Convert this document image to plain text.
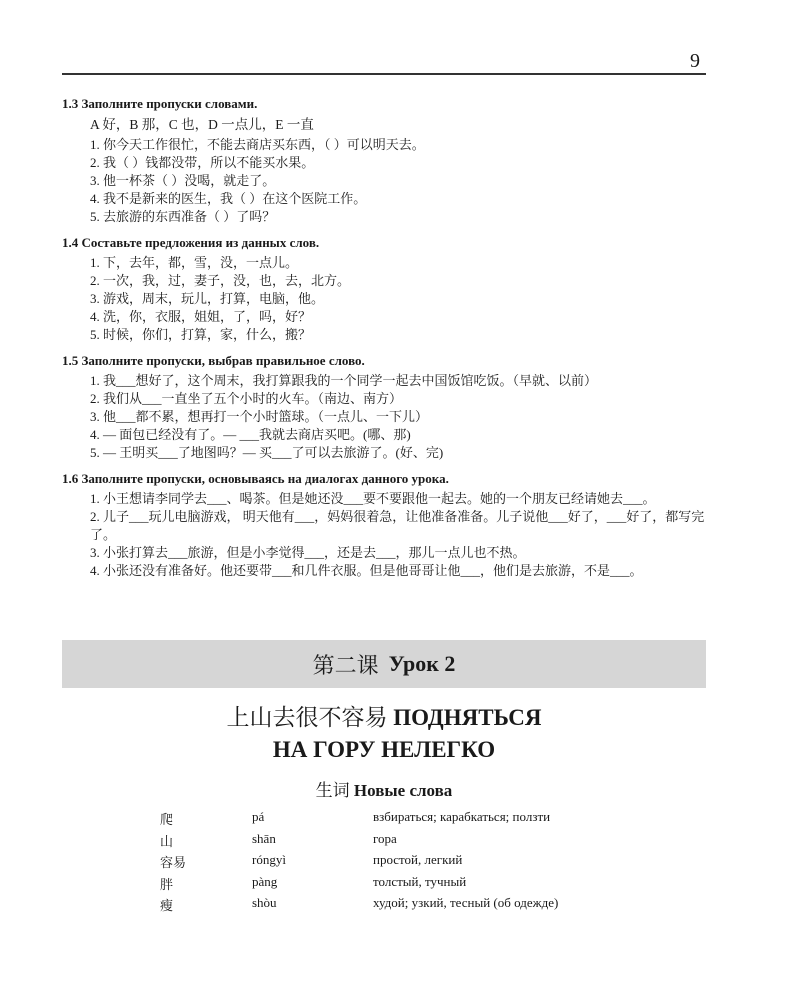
9
1.3 Заполните пропуски словами.
A 好，B 那，C 也，D 一点儿，E 一直
1. 你今天工作很忙，不能去商店买东西，（ ）可以明天去。
2. 我（ ）钱都没带，所以不能买水果。
3. 他一杯茶（ ）没喝，就走了。
4. 我不是新来的医生，我（ ）在这个医院工作。
5. 去旅游的东西准备（ ）了吗？
1.4 Составьте предложения из данных слов.
1. 下，去年，都，雪，没，一点儿。
2. 一次，我，过，妻子，没，也，去，北方。
3. 游戏，周末，玩儿，打算，电脑，他。
4. 洗，你，衣服，姐姐，了，吗，好？
5. 时候，你们，打算，家，什么，搬？
1.5 Заполните пропуски, выбрав правильное слово.
1. 我___想好了，这个周末，我打算跟我的一个同学一起去中国饭馆吃饭。（早就、以前）
2. 我们从___一直坐了五个小时的火车。（南边、南方）
3. 他___都不累，想再打一个小时篮球。（一点儿、一下儿）
4. — 面包已经没有了。— ___我就去商店买吧。(哪、那)
5. — 王明买___了地图吗？— 买___了可以去旅游了。(好、完)
1.6 Заполните пропуски, основываясь на диалогах данного урока.
1. 小王想请李同学去___、喝茶。但是她还没___要不要跟他一起去。她的一个朋友已经请她去___。
2. 儿子___玩儿电脑游戏， 明天他有___，妈妈很着急，让他准备准备。儿子说他___好了，___好了，都写完了。
3. 小张打算去___旅游，但是小李觉得___，还是去___，那儿一点儿也不热。
4. 小张还没有准备好。他还要带___和几件衣服。但是他哥哥让他___，他们是去旅游，不是___。
第二课 Урок 2
上山去很不容易 ПОДНЯТЬСЯ
НА ГОРУ НЕЛЕГКО
生词 Новые слова
爬	pá	взбираться; карабкаться; ползти
山	shān	гора
容易	róngyì	простой, легкий
胖	pàng	толстый, тучный
瘦	shòu	худой; узкий, тесный (об одежде)
